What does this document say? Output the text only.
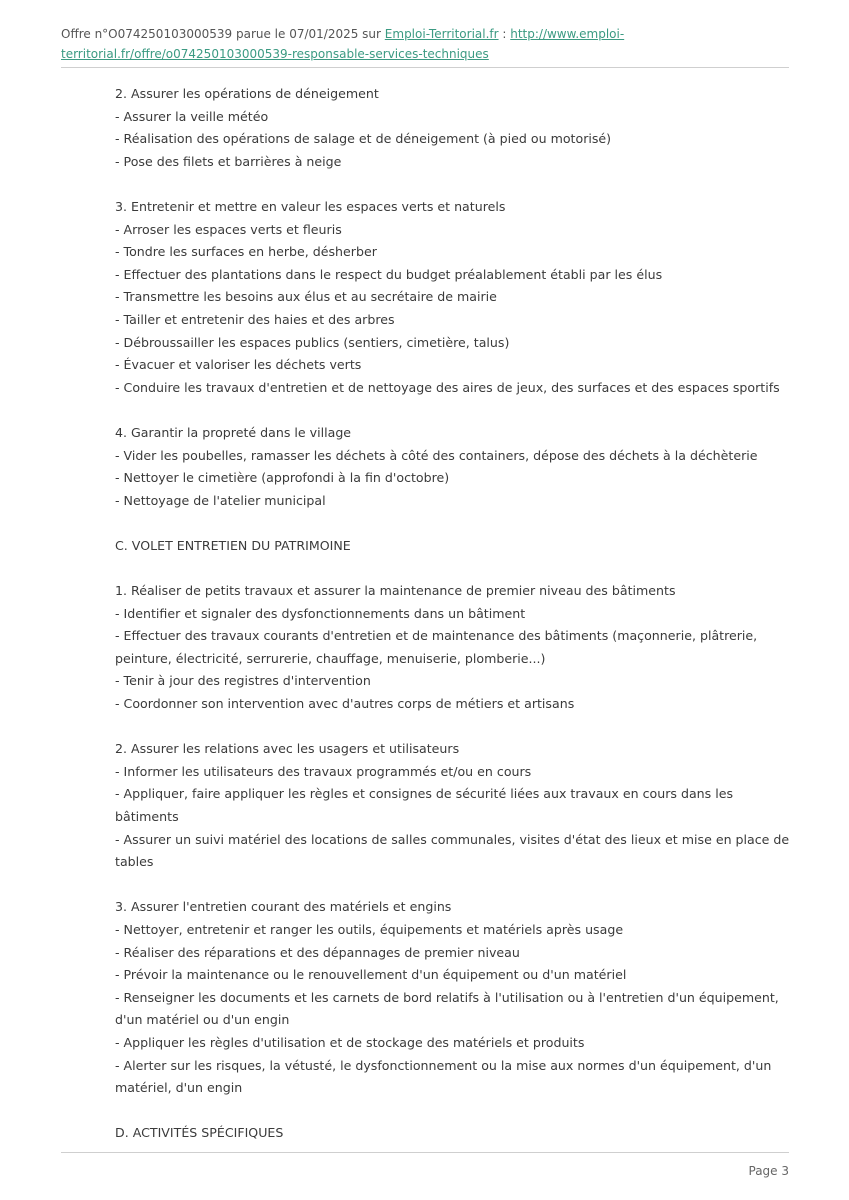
Offre n°O074250103000539 parue le 07/01/2025 sur Emploi-Territorial.fr : http://www.emploi-territorial.fr/offre/o074250103000539-responsable-services-techniques
2. Assurer les opérations de déneigement
- Assurer la veille météo
- Réalisation des opérations de salage et de déneigement (à pied ou motorisé)
- Pose des filets et barrières à neige
3. Entretenir et mettre en valeur les espaces verts et naturels
- Arroser les espaces verts et fleuris
- Tondre les surfaces en herbe, désherber
- Effectuer des plantations dans le respect du budget préalablement établi par les élus
- Transmettre les besoins aux élus et au secrétaire de mairie
- Tailler et entretenir des haies et des arbres
- Débroussailler les espaces publics (sentiers, cimetière, talus)
- Évacuer et valoriser les déchets verts
- Conduire les travaux d'entretien et de nettoyage des aires de jeux, des surfaces et des espaces sportifs
4. Garantir la propreté dans le village
- Vider les poubelles, ramasser les déchets à côté des containers, dépose des déchets à la déchèterie
- Nettoyer le cimetière (approfondi à la fin d'octobre)
- Nettoyage de l'atelier municipal
C. VOLET ENTRETIEN DU PATRIMOINE
1. Réaliser de petits travaux et assurer la maintenance de premier niveau des bâtiments
- Identifier et signaler des dysfonctionnements dans un bâtiment
- Effectuer des travaux courants d'entretien et de maintenance des bâtiments (maçonnerie, plâtrerie, peinture, électricité, serrurerie, chauffage, menuiserie, plomberie...)
- Tenir à jour des registres d'intervention
- Coordonner son intervention avec d'autres corps de métiers et artisans
2. Assurer les relations avec les usagers et utilisateurs
- Informer les utilisateurs des travaux programmés et/ou en cours
- Appliquer, faire appliquer les règles et consignes de sécurité liées aux travaux en cours dans les bâtiments
- Assurer un suivi matériel des locations de salles communales, visites d'état des lieux et mise en place de tables
3. Assurer l'entretien courant des matériels et engins
- Nettoyer, entretenir et ranger les outils, équipements et matériels après usage
- Réaliser des réparations et des dépannages de premier niveau
- Prévoir la maintenance ou le renouvellement d'un équipement ou d'un matériel
- Renseigner les documents et les carnets de bord relatifs à l'utilisation ou à l'entretien d'un équipement, d'un matériel ou d'un engin
- Appliquer les règles d'utilisation et de stockage des matériels et produits
- Alerter sur les risques, la vétusté, le dysfonctionnement ou la mise aux normes d'un équipement, d'un matériel, d'un engin
D. ACTIVITÉS SPÉCIFIQUES
Page 3
